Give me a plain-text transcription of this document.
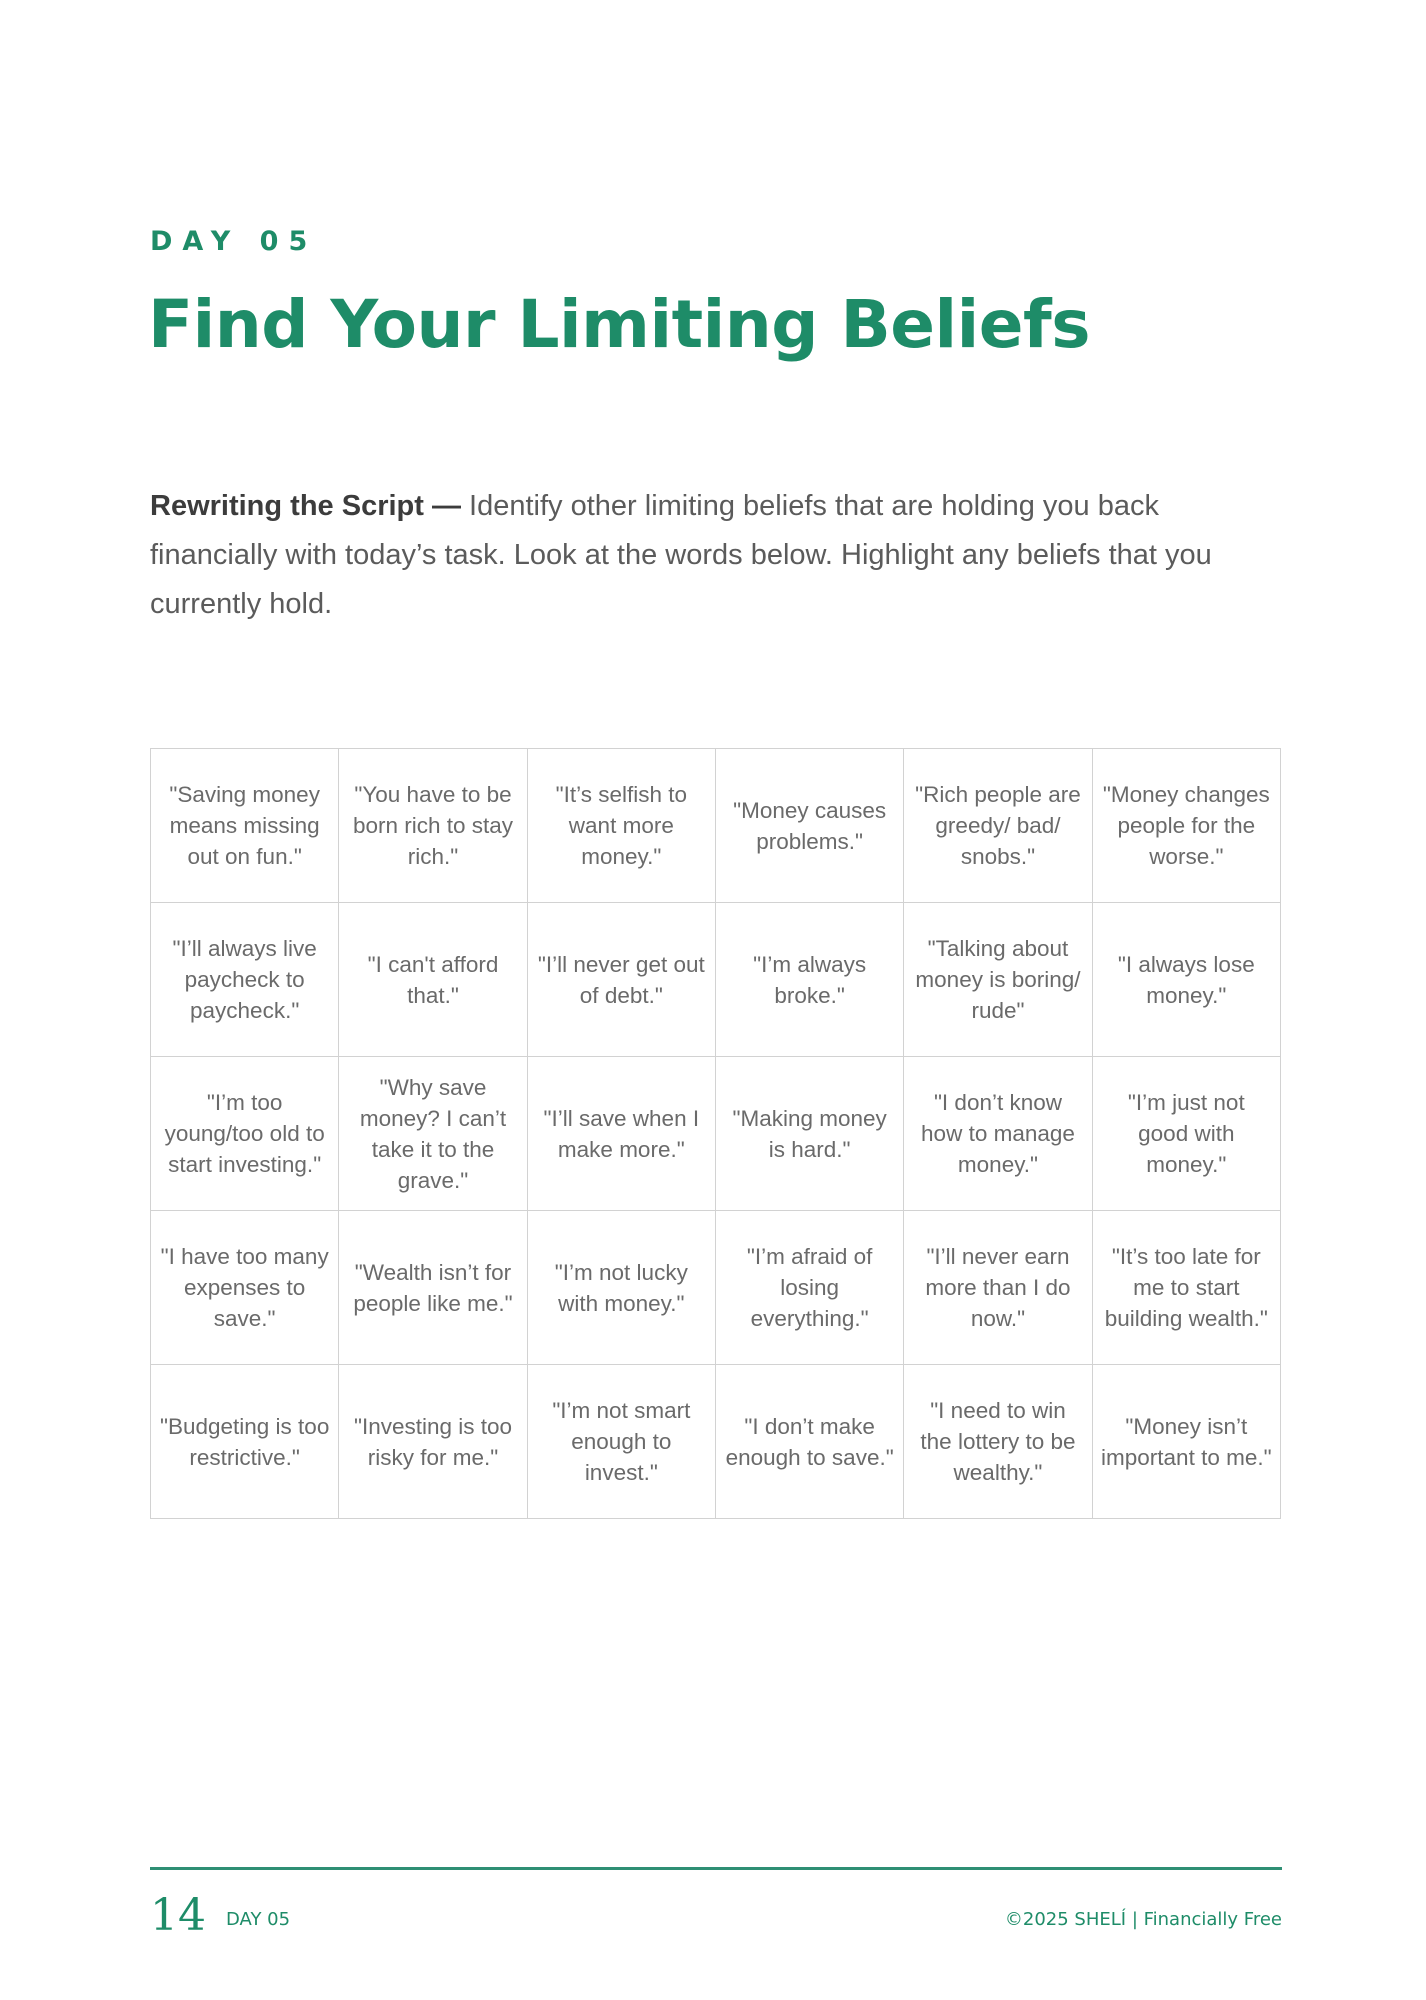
DAY 05
Find Your Limiting Beliefs

Rewriting the Script — Identify other limiting beliefs that are holding you back financially with today’s task. Look at the words below. Highlight any beliefs that you currently hold.

"Saving money means missing out on fun."	"You have to be born rich to stay rich."	"It’s selfish to want more money."	"Money causes problems."	"Rich people are greedy/ bad/ snobs."	"Money changes people for the worse."
"I’ll always live paycheck to paycheck."	"I can't afford that."	"I’ll never get out of debt."	"I’m always broke."	"Talking about money is boring/ rude"	"I always lose money."
"I’m too young/too old to start investing."	"Why save money? I can’t take it to the grave."	"I’ll save when I make more."	"Making money is hard."	"I don’t know how to manage money."	"I’m just not good with money."
"I have too many expenses to save."	"Wealth isn’t for people like me."	"I’m not lucky with money."	"I’m afraid of losing everything."	"I’ll never earn more than I do now."	"It’s too late for me to start building wealth."
"Budgeting is too restrictive."	"Investing is too risky for me."	"I’m not smart enough to invest."	"I don’t make enough to save."	"I need to win the lottery to be wealthy."	"Money isn’t important to me."
14 DAY 05	©2025 SHELÍ | Financially Free
